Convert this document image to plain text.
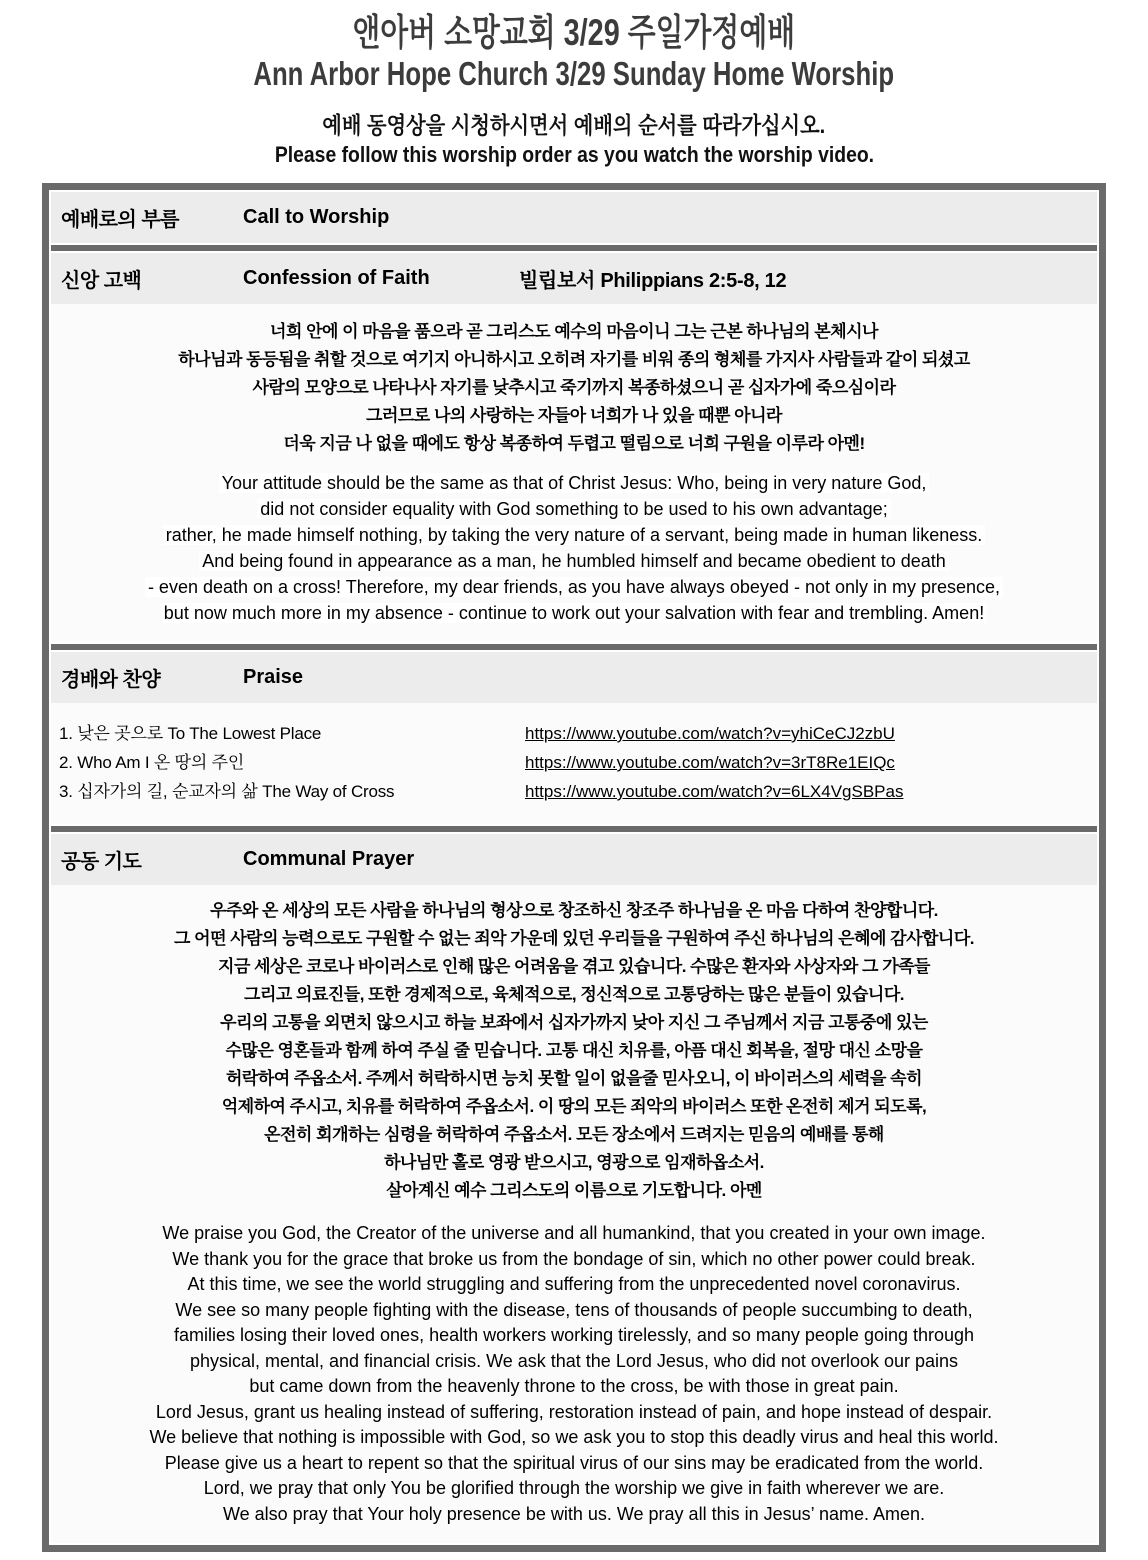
앤아버 소망교회 3/29 주일가정예배
Ann Arbor Hope Church 3/29 Sunday Home Worship
예배 동영상을 시청하시면서 예배의 순서를 따라가십시오.
Please follow this worship order as you watch the worship video.
예배로의 부름	Call to Worship
신앙 고백	Confession of Faith	빌립보서 Philippians 2:5-8, 12
너희 안에 이 마음을 품으라 곧 그리스도 예수의 마음이니 그는 근본 하나님의 본체시나
하나님과 동등됨을 취할 것으로 여기지 아니하시고 오히려 자기를 비워 종의 형체를 가지사 사람들과 같이 되셨고
사람의 모양으로 나타나사 자기를 낮추시고 죽기까지 복종하셨으니 곧 십자가에 죽으심이라
그러므로 나의 사랑하는 자들아 너희가 나 있을 때뿐 아니라
더욱 지금 나 없을 때에도 항상 복종하여 두렵고 떨림으로 너희 구원을 이루라 아멘!
Your attitude should be the same as that of Christ Jesus: Who, being in very nature God,
did not consider equality with God something to be used to his own advantage;
rather, he made himself nothing, by taking the very nature of a servant, being made in human likeness.
And being found in appearance as a man, he humbled himself and became obedient to death
- even death on a cross! Therefore, my dear friends, as you have always obeyed - not only in my presence,
but now much more in my absence - continue to work out your salvation with fear and trembling. Amen!
경배와 찬양	Praise
1. 낮은 곳으로 To The Lowest Place	https://www.youtube.com/watch?v=yhiCeCJ2zbU
2. Who Am I 온 땅의 주인	https://www.youtube.com/watch?v=3rT8Re1EIQc
3. 십자가의 길, 순교자의 삶 The Way of Cross	https://www.youtube.com/watch?v=6LX4VgSBPas
공동 기도	Communal Prayer
우주와 온 세상의 모든 사람을 하나님의 형상으로 창조하신 창조주 하나님을 온 마음 다하여 찬양합니다.
그 어떤 사람의 능력으로도 구원할 수 없는 죄악 가운데 있던 우리들을 구원하여 주신 하나님의 은혜에 감사합니다.
지금 세상은 코로나 바이러스로 인해 많은 어려움을 겪고 있습니다. 수많은 환자와 사상자와 그 가족들
그리고 의료진들, 또한 경제적으로, 육체적으로, 정신적으로 고통당하는 많은 분들이 있습니다.
우리의 고통을 외면치 않으시고 하늘 보좌에서 십자가까지 낮아 지신 그 주님께서 지금 고통중에 있는
수많은 영혼들과 함께 하여 주실 줄 믿습니다. 고통 대신 치유를, 아픔 대신 회복을, 절망 대신 소망을
허락하여 주옵소서. 주께서 허락하시면 능치 못할 일이 없을줄 믿사오니, 이 바이러스의 세력을 속히
억제하여 주시고, 치유를 허락하여 주옵소서. 이 땅의 모든 죄악의 바이러스 또한 온전히 제거 되도록,
온전히 회개하는 심령을 허락하여 주옵소서. 모든 장소에서 드려지는 믿음의 예배를 통해
하나님만 홀로 영광 받으시고, 영광으로 임재하옵소서.
살아계신 예수 그리스도의 이름으로 기도합니다. 아멘
We praise you God, the Creator of the universe and all humankind, that you created in your own image.
We thank you for the grace that broke us from the bondage of sin, which no other power could break.
At this time, we see the world struggling and suffering from the unprecedented novel coronavirus.
We see so many people fighting with the disease, tens of thousands of people succumbing to death,
families losing their loved ones, health workers working tirelessly, and so many people going through
physical, mental, and financial crisis. We ask that the Lord Jesus, who did not overlook our pains
but came down from the heavenly throne to the cross, be with those in great pain.
Lord Jesus, grant us healing instead of suffering, restoration instead of pain, and hope instead of despair.
We believe that nothing is impossible with God, so we ask you to stop this deadly virus and heal this world.
Please give us a heart to repent so that the spiritual virus of our sins may be eradicated from the world.
Lord, we pray that only You be glorified through the worship we give in faith wherever we are.
We also pray that Your holy presence be with us. We pray all this in Jesus’ name. Amen.
